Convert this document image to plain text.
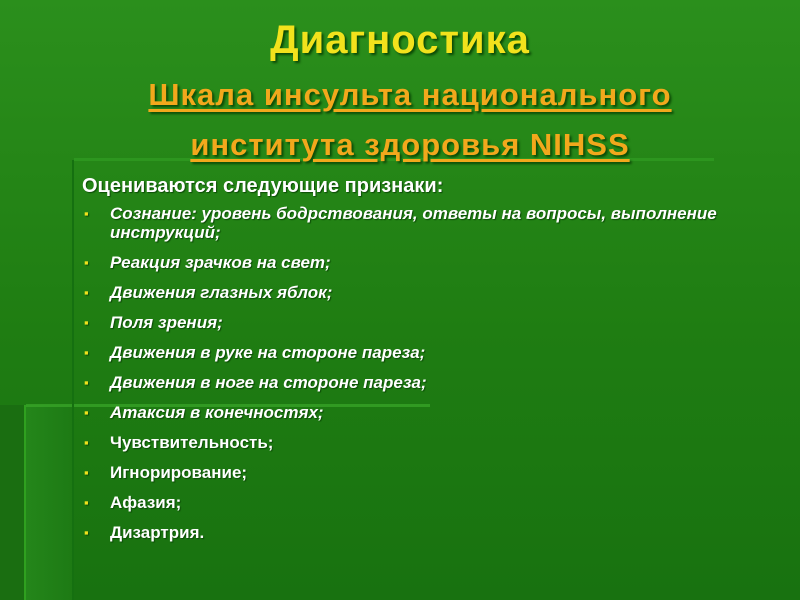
Диагностика
Шкала инсульта национального
института здоровья NIHSS

Оцениваются следующие признаки:

▪ Сознание: уровень бодрствования, ответы на вопросы, выполнение инструкций;
▪ Реакция зрачков на свет;
▪ Движения глазных яблок;
▪ Поля зрения;
▪ Движения в руке на стороне пареза;
▪ Движения в ноге на стороне пареза;
▪ Атаксия в конечностях;
▪ Чувствительность;
▪ Игнорирование;
▪ Афазия;
▪ Дизартрия.
